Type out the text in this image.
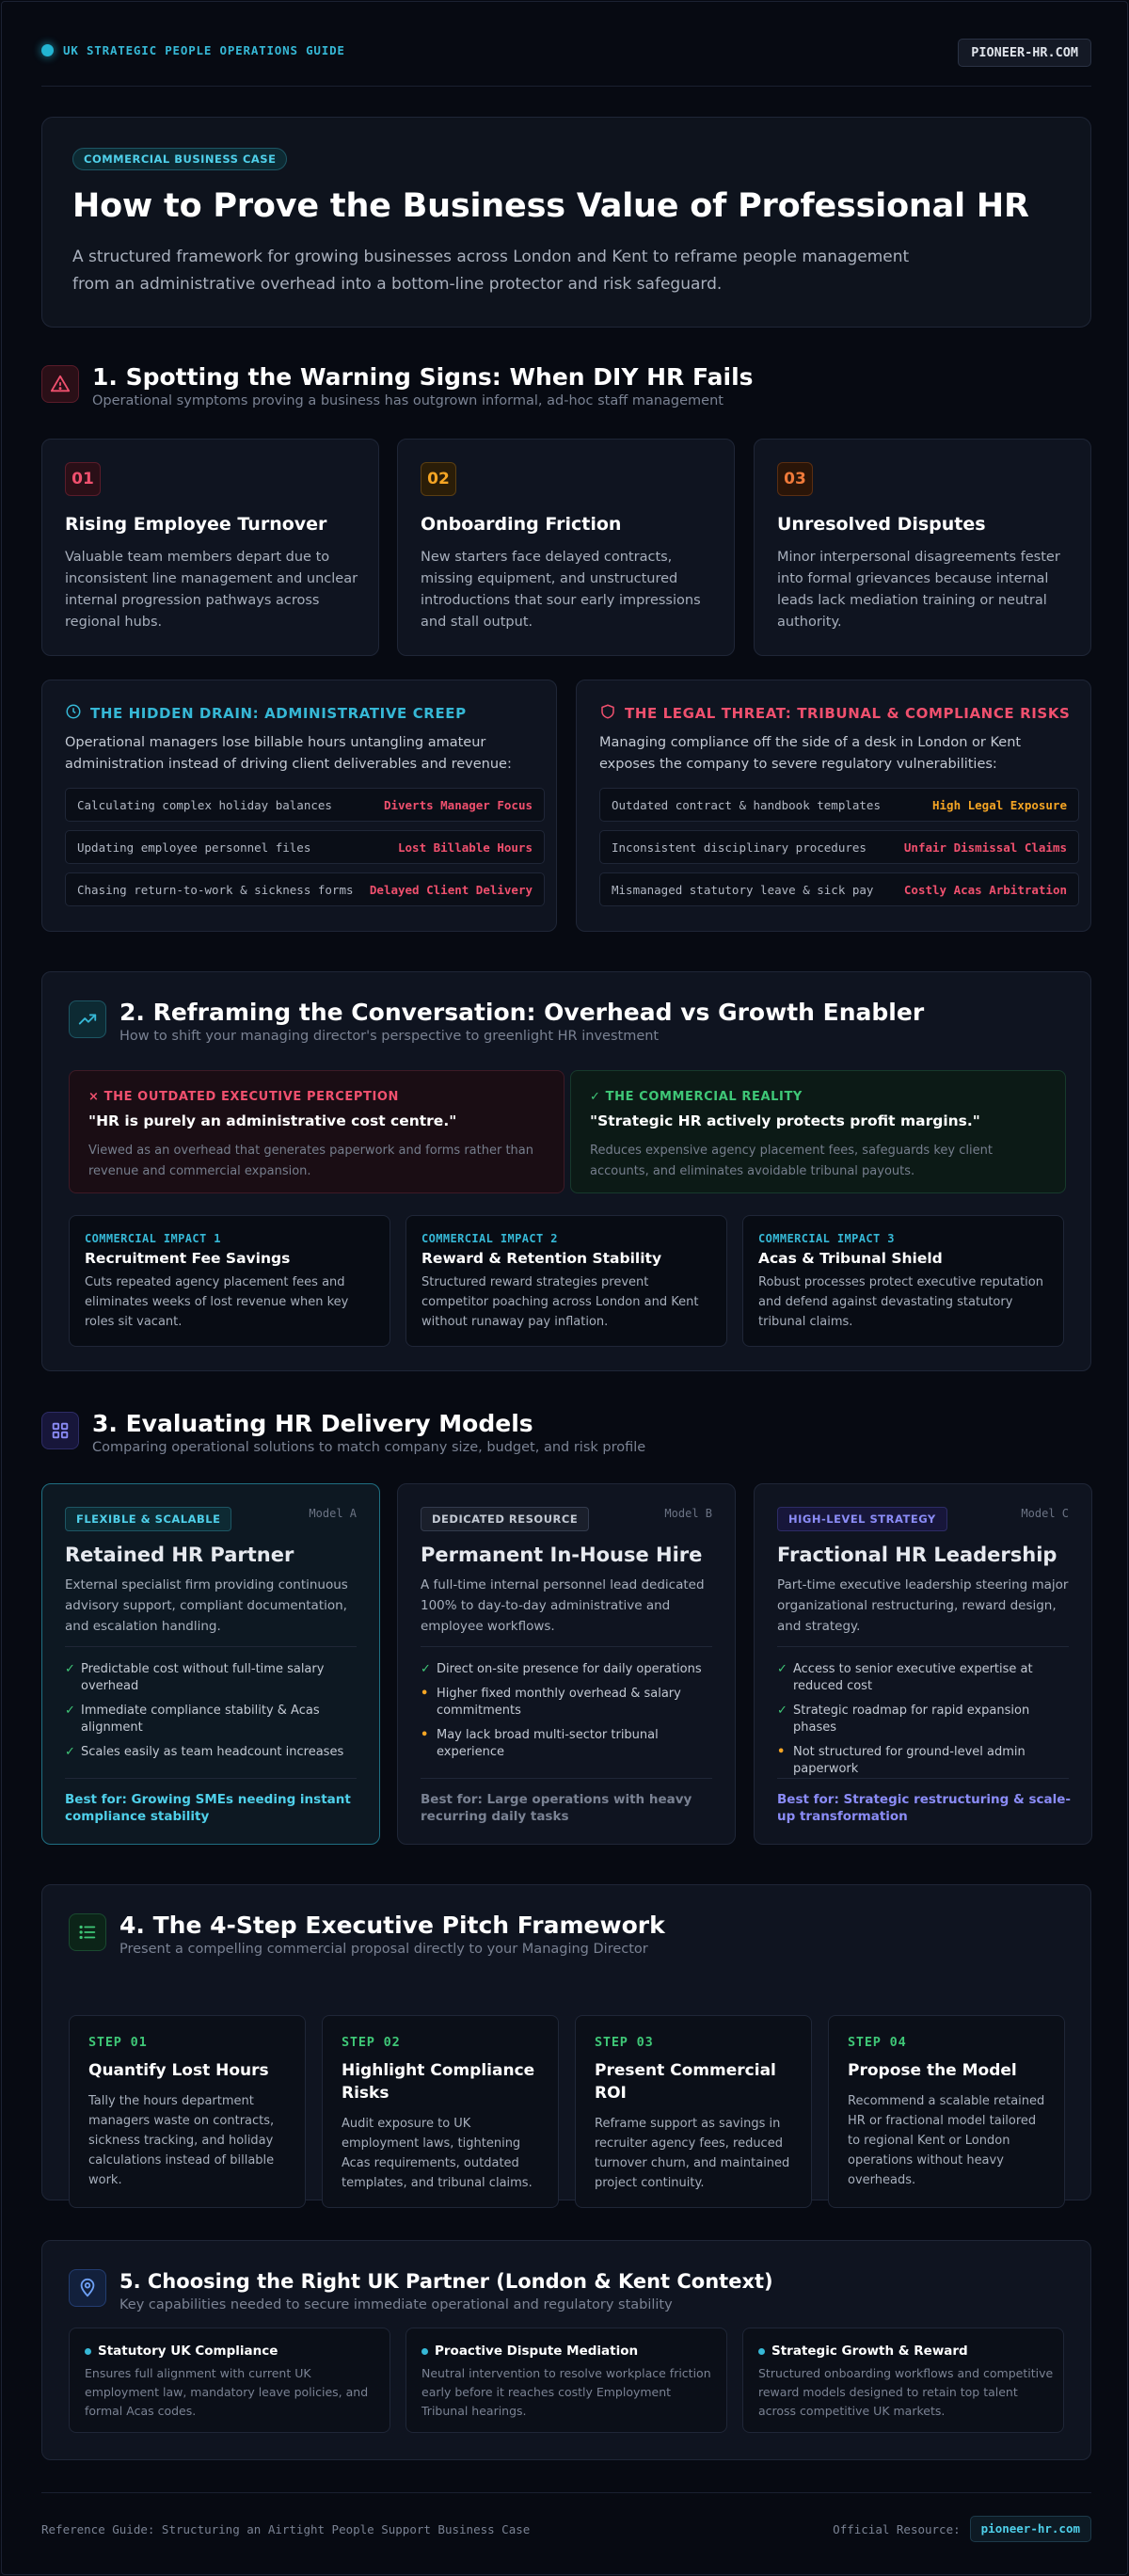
UK STRATEGIC PEOPLE OPERATIONS GUIDE	PIONEER-HR.COM
COMMERCIAL BUSINESS CASE
How to Prove the Business Value of Professional HR

A structured framework for growing businesses across London and Kent to reframe people management from an administrative overhead into a bottom-line protector and risk safeguard.

1. Spotting the Warning Signs: When DIY HR Fails
Operational symptoms proving a business has outgrown informal, ad-hoc staff management
01
Rising Employee Turnover

Valuable team members depart due to inconsistent line management and unclear internal progression pathways across regional hubs.

02
Onboarding Friction

New starters face delayed contracts, missing equipment, and unstructured introductions that sour early impressions and stall output.

03
Unresolved Disputes

Minor interpersonal disagreements fester into formal grievances because internal leads lack mediation training or neutral authority.

THE HIDDEN DRAIN: ADMINISTRATIVE CREEP

Operational managers lose billable hours untangling amateur administration instead of driving client deliverables and revenue:

Calculating complex holiday balances	Diverts Manager Focus
Updating employee personnel files	Lost Billable Hours
Chasing return-to-work & sickness forms Delayed Client Delivery
THE LEGAL THREAT: TRIBUNAL & COMPLIANCE RISKS

Managing compliance off the side of a desk in London or Kent exposes the company to severe regulatory vulnerabilities:

Outdated contract & handbook templates	High Legal Exposure
Inconsistent disciplinary procedures	Unfair Dismissal Claims
Mismanaged statutory leave & sick pay	Costly Acas Arbitration
2. Reframing the Conversation: Overhead vs Growth Enabler
How to shift your managing director's perspective to greenlight HR investment
× THE OUTDATED EXECUTIVE PERCEPTION
"HR is purely an administrative cost centre."
Viewed as an overhead that generates paperwork and forms rather than revenue and commercial expansion.
✓ THE COMMERCIAL REALITY
"Strategic HR actively protects profit margins."
Reduces expensive agency placement fees, safeguards key client accounts, and eliminates avoidable tribunal payouts.
COMMERCIAL IMPACT 1
Recruitment Fee Savings

Cuts repeated agency placement fees and eliminates weeks of lost revenue when key roles sit vacant.

COMMERCIAL IMPACT 2
Reward & Retention Stability

Structured reward strategies prevent competitor poaching across London and Kent without runaway pay inflation.

COMMERCIAL IMPACT 3
Acas & Tribunal Shield

Robust processes protect executive reputation and defend against devastating statutory tribunal claims.

3. Evaluating HR Delivery Models
Comparing operational solutions to match company size, budget, and risk profile
FLEXIBLE & SCALABLE	Model A
Retained HR Partner

External specialist firm providing continuous advisory support, compliant documentation, and escalation handling.

✓ Predictable cost without full-time salary overhead
✓ Immediate compliance stability & Acas alignment
✓ Scales easily as team headcount increases
Best for: Growing SMEs needing instant compliance stability
DEDICATED RESOURCE	Model B
Permanent In-House Hire

A full-time internal personnel lead dedicated 100% to day-to-day administrative and employee workflows.

✓ Direct on-site presence for daily operations
• Higher fixed monthly overhead & salary commitments
• May lack broad multi-sector tribunal experience
Best for: Large operations with heavy recurring daily tasks
HIGH-LEVEL STRATEGY	Model C
Fractional HR Leadership

Part-time executive leadership steering major organizational restructuring, reward design, and strategy.

✓ Access to senior executive expertise at reduced cost
✓ Strategic roadmap for rapid expansion phases
• Not structured for ground-level admin paperwork
Best for: Strategic restructuring & scale-up transformation
4. The 4-Step Executive Pitch Framework
Present a compelling commercial proposal directly to your Managing Director
STEP 01
Quantify Lost Hours

Tally the hours department managers waste on contracts, sickness tracking, and holiday calculations instead of billable work.

STEP 02
Highlight Compliance Risks

Audit exposure to UK employment laws, tightening Acas requirements, outdated templates, and tribunal claims.

STEP 03
Present Commercial ROI

Reframe support as savings in recruiter agency fees, reduced turnover churn, and maintained project continuity.

STEP 04
Propose the Model

Recommend a scalable retained HR or fractional model tailored to regional Kent or London operations without heavy overheads.

5. Choosing the Right UK Partner (London & Kent Context)
Key capabilities needed to secure immediate operational and regulatory stability
Statutory UK Compliance

Ensures full alignment with current UK employment law, mandatory leave policies, and formal Acas codes.

Proactive Dispute Mediation

Neutral intervention to resolve workplace friction early before it reaches costly Employment Tribunal hearings.

Strategic Growth & Reward

Structured onboarding workflows and competitive reward models designed to retain top talent across competitive UK markets.

Reference Guide: Structuring an Airtight People Support Business Case	Official Resource:	pioneer-hr.com
